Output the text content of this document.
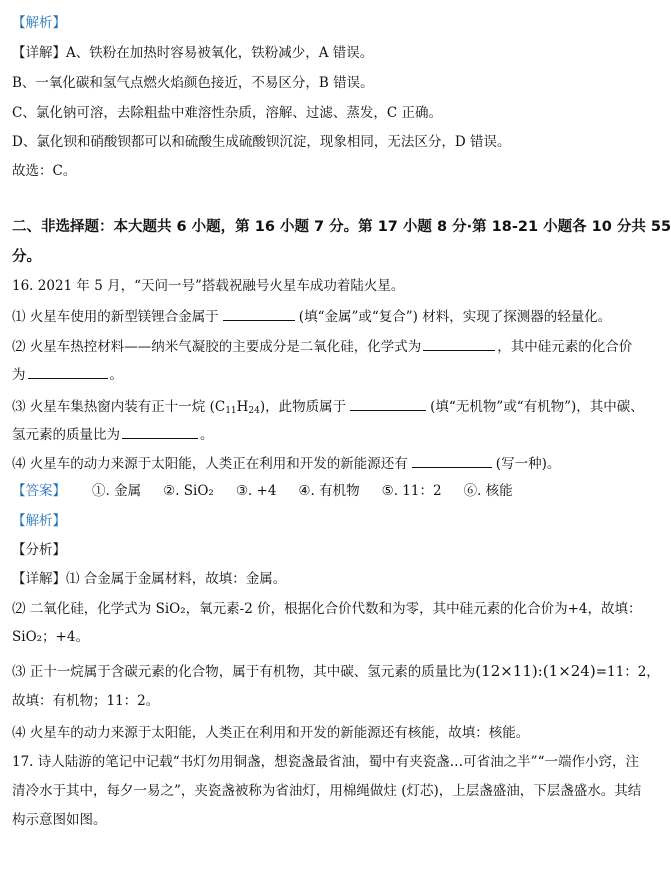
【解析】
【详解】A、铁粉在加热时容易被氧化，铁粉减少，A 错误。
B、一氧化碳和氢气点燃火焰颜色接近，不易区分，B 错误。
C、氯化钠可溶，去除粗盐中难溶性杂质，溶解、过滤、蒸发，C 正确。
D、氯化钡和硝酸钡都可以和硫酸生成硫酸钡沉淀，现象相同，无法区分，D 错误。
故选：C。
二、非选择题：本大题共 6 小题，第 16 小题 7 分。第 17 小题 8 分·第 18-21 小题各 10 分共 55
分。
16. 2021 年 5 月，“天问一号”搭载祝融号火星车成功着陆火星。
⑴ 火星车使用的新型镁锂合金属于	(填“金属”或“复合”) 材料，实现了探测器的轻量化。
⑵ 火星车热控材料——纳米气凝胶的主要成分是二氧化硅，化学式为	，其中硅元素的化合价
为	。
⑶ 火星车集热窗内装有正十一烷 $(C_{11}H_{24})$，此物质属于	(填“无机物”或“有机物”)，其中碳、
氢元素的质量比为	。
⑷ 火星车的动力来源于太阳能，人类正在利用和开发的新能源还有	(写一种)。
【答案】 ①. 金属 ②. SiO₂ ③. +4 ④. 有机物 ⑤. 11：2 ⑥. 核能
【解析】
【分析】
【详解】⑴ 合金属于金属材料，故填：金属。
⑵ 二氧化硅，化学式为 SiO₂，氧元素-2 价，根据化合价代数和为零，其中硅元素的化合价为+4，故填：
SiO₂；+4。
⑶ 正十一烷属于含碳元素的化合物，属于有机物，其中碳、氢元素的质量比为(12×11):(1×24)=11：2，
故填：有机物；11：2。
⑷ 火星车的动力来源于太阳能，人类正在利用和开发的新能源还有核能，故填：核能。
17. 诗人陆游的笔记中记载“书灯勿用铜盏，想瓷盏最省油，蜀中有夹瓷盏…可省油之半”“一端作小窍，注
清冷水于其中，每夕一易之”，夹瓷盏被称为省油灯，用棉绳做炷 (灯芯)，上层盏盛油，下层盏盛水。其结
构示意图如图。
